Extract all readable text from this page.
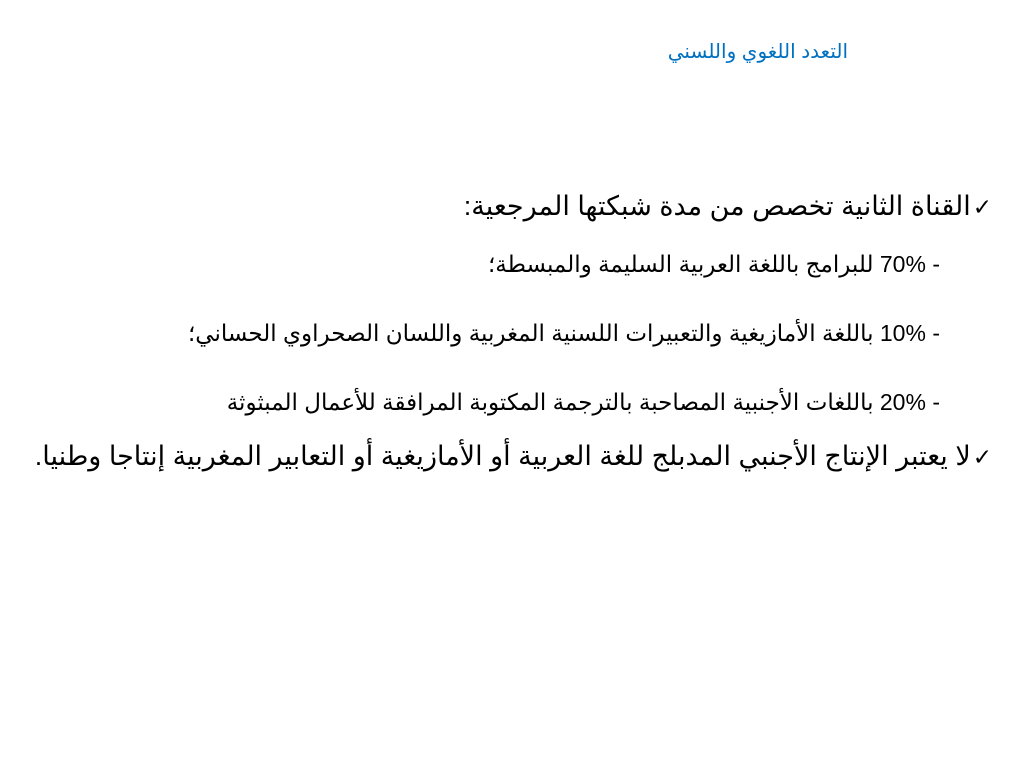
التعدد اللغوي واللسني
✓القناة الثانية تخصص من مدة شبكتها المرجعية:
- 70% للبرامج باللغة العربية السليمة والمبسطة؛
- 10% باللغة الأمازيغية والتعبيرات اللسنية المغربية واللسان الصحراوي الحساني؛
- 20% باللغات الأجنبية المصاحبة بالترجمة المكتوبة المرافقة للأعمال المبثوثة
✓لا يعتبر الإنتاج الأجنبي المدبلج للغة العربية أو الأمازيغية أو التعابير المغربية إنتاجا وطنيا.
